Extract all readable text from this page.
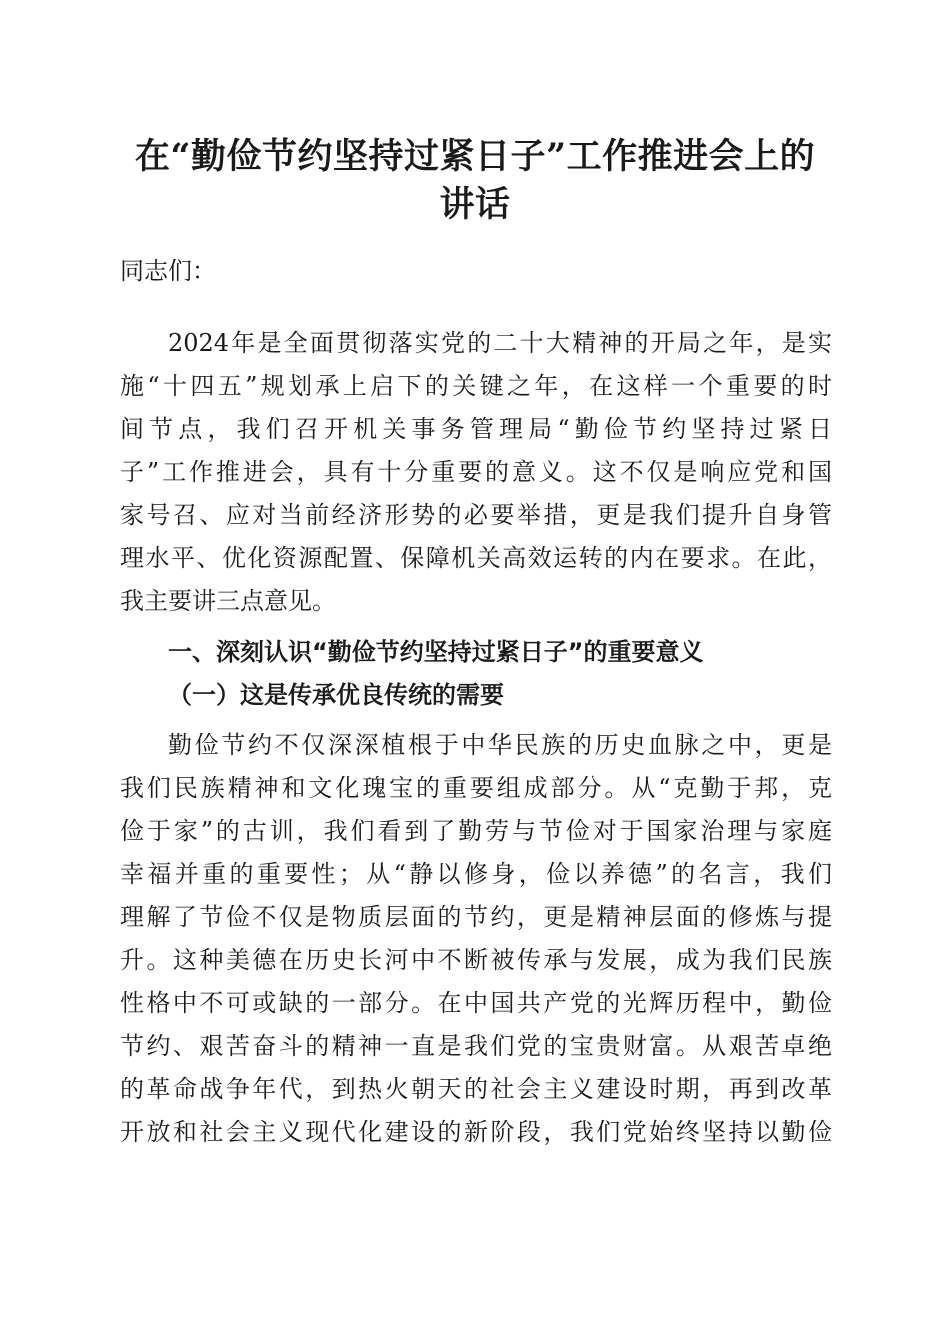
在“勤俭节约坚持过紧日子”工作推进会上的
讲话
同志们：
2024年是全面贯彻落实党的二十大精神的开局之年，是实
施“十四五”规划承上启下的关键之年，在这样一个重要的时
间节点，我们召开机关事务管理局“勤俭节约坚持过紧日
子”工作推进会，具有十分重要的意义。这不仅是响应党和国
家号召、应对当前经济形势的必要举措，更是我们提升自身管
理水平、优化资源配置、保障机关高效运转的内在要求。在此，
我主要讲三点意见。
一、深刻认识“勤俭节约坚持过紧日子”的重要意义
（一）这是传承优良传统的需要
勤俭节约不仅深深植根于中华民族的历史血脉之中，更是
我们民族精神和文化瑰宝的重要组成部分。从“克勤于邦，克
俭于家”的古训，我们看到了勤劳与节俭对于国家治理与家庭
幸福并重的重要性；从“静以修身，俭以养德”的名言，我们
理解了节俭不仅是物质层面的节约，更是精神层面的修炼与提
升。这种美德在历史长河中不断被传承与发展，成为我们民族
性格中不可或缺的一部分。在中国共产党的光辉历程中，勤俭
节约、艰苦奋斗的精神一直是我们党的宝贵财富。从艰苦卓绝
的革命战争年代，到热火朝天的社会主义建设时期，再到改革
开放和社会主义现代化建设的新阶段，我们党始终坚持以勤俭
